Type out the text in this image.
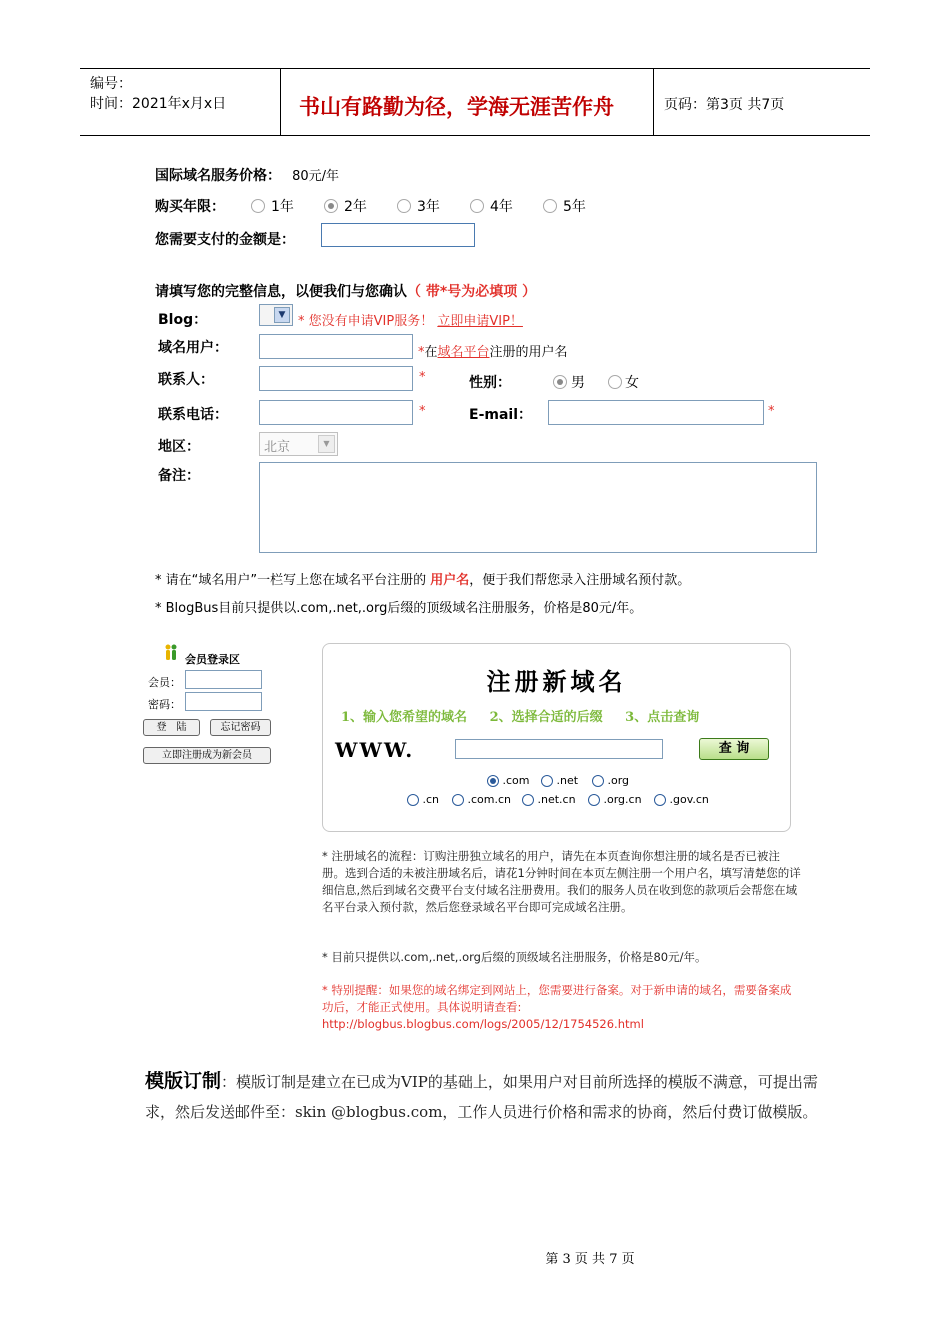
编号：
时间：2021年x月x日	书山有路勤为径，学海无涯苦作舟	页码：第3页 共7页
国际域名服务价格： 80元/年
购买年限：	1年	2年	3年	4年	5年
您需要支付的金额是：
请填写您的完整信息，以便我们与您确认（ 带*号为必填项 ）
Blog：	▼ * 您没有申请VIP服务！ 立即申请VIP！
域名用户：	*在域名平台注册的用户名
联系人：	*	性别：	男	女
联系电话：	*	E-mail：	*
地区：	北京	▼
备注：
* 请在“域名用户”一栏写上您在域名平台注册的 用户名，便于我们帮您录入注册域名预付款。
* BlogBus目前只提供以.com,.net,.org后缀的顶级域名注册服务，价格是80元/年。
会员登录区
会员：
密码：
登　陆	忘记密码
立即注册成为新会员
注册新域名
1、输入您希望的域名 2、选择合适的后缀 3、点击查询
WWW.	查 询
.com	.net	.org
.cn	.com.cn	.net.cn	.org.cn	.gov.cn
* 注册域名的流程：订购注册独立域名的用户，请先在本页查询你想注册的域名是否已被注册。选到合适的未被注册域名后，请花1分钟时间在本页左侧注册一个用户名，填写清楚您的详细信息,然后到域名交费平台支付域名注册费用。我们的服务人员在收到您的款项后会帮您在域名平台录入预付款，然后您登录域名平台即可完成域名注册。
* 目前只提供以.com,.net,.org后缀的顶级域名注册服务，价格是80元/年。
* 特别提醒：如果您的域名绑定到网站上，您需要进行备案。对于新申请的域名，需要备案成功后，才能正式使用。具体说明请查看:
http://blogbus.blogbus.com/logs/2005/12/1754526.html
模版订制：模版订制是建立在已成为VIP的基础上，如果用户对目前所选择的模版不满意，可提出需求，然后发送邮件至：skin @blogbus.com，工作人员进行价格和需求的协商，然后付费订做模版。
第 3 页 共 7 页
